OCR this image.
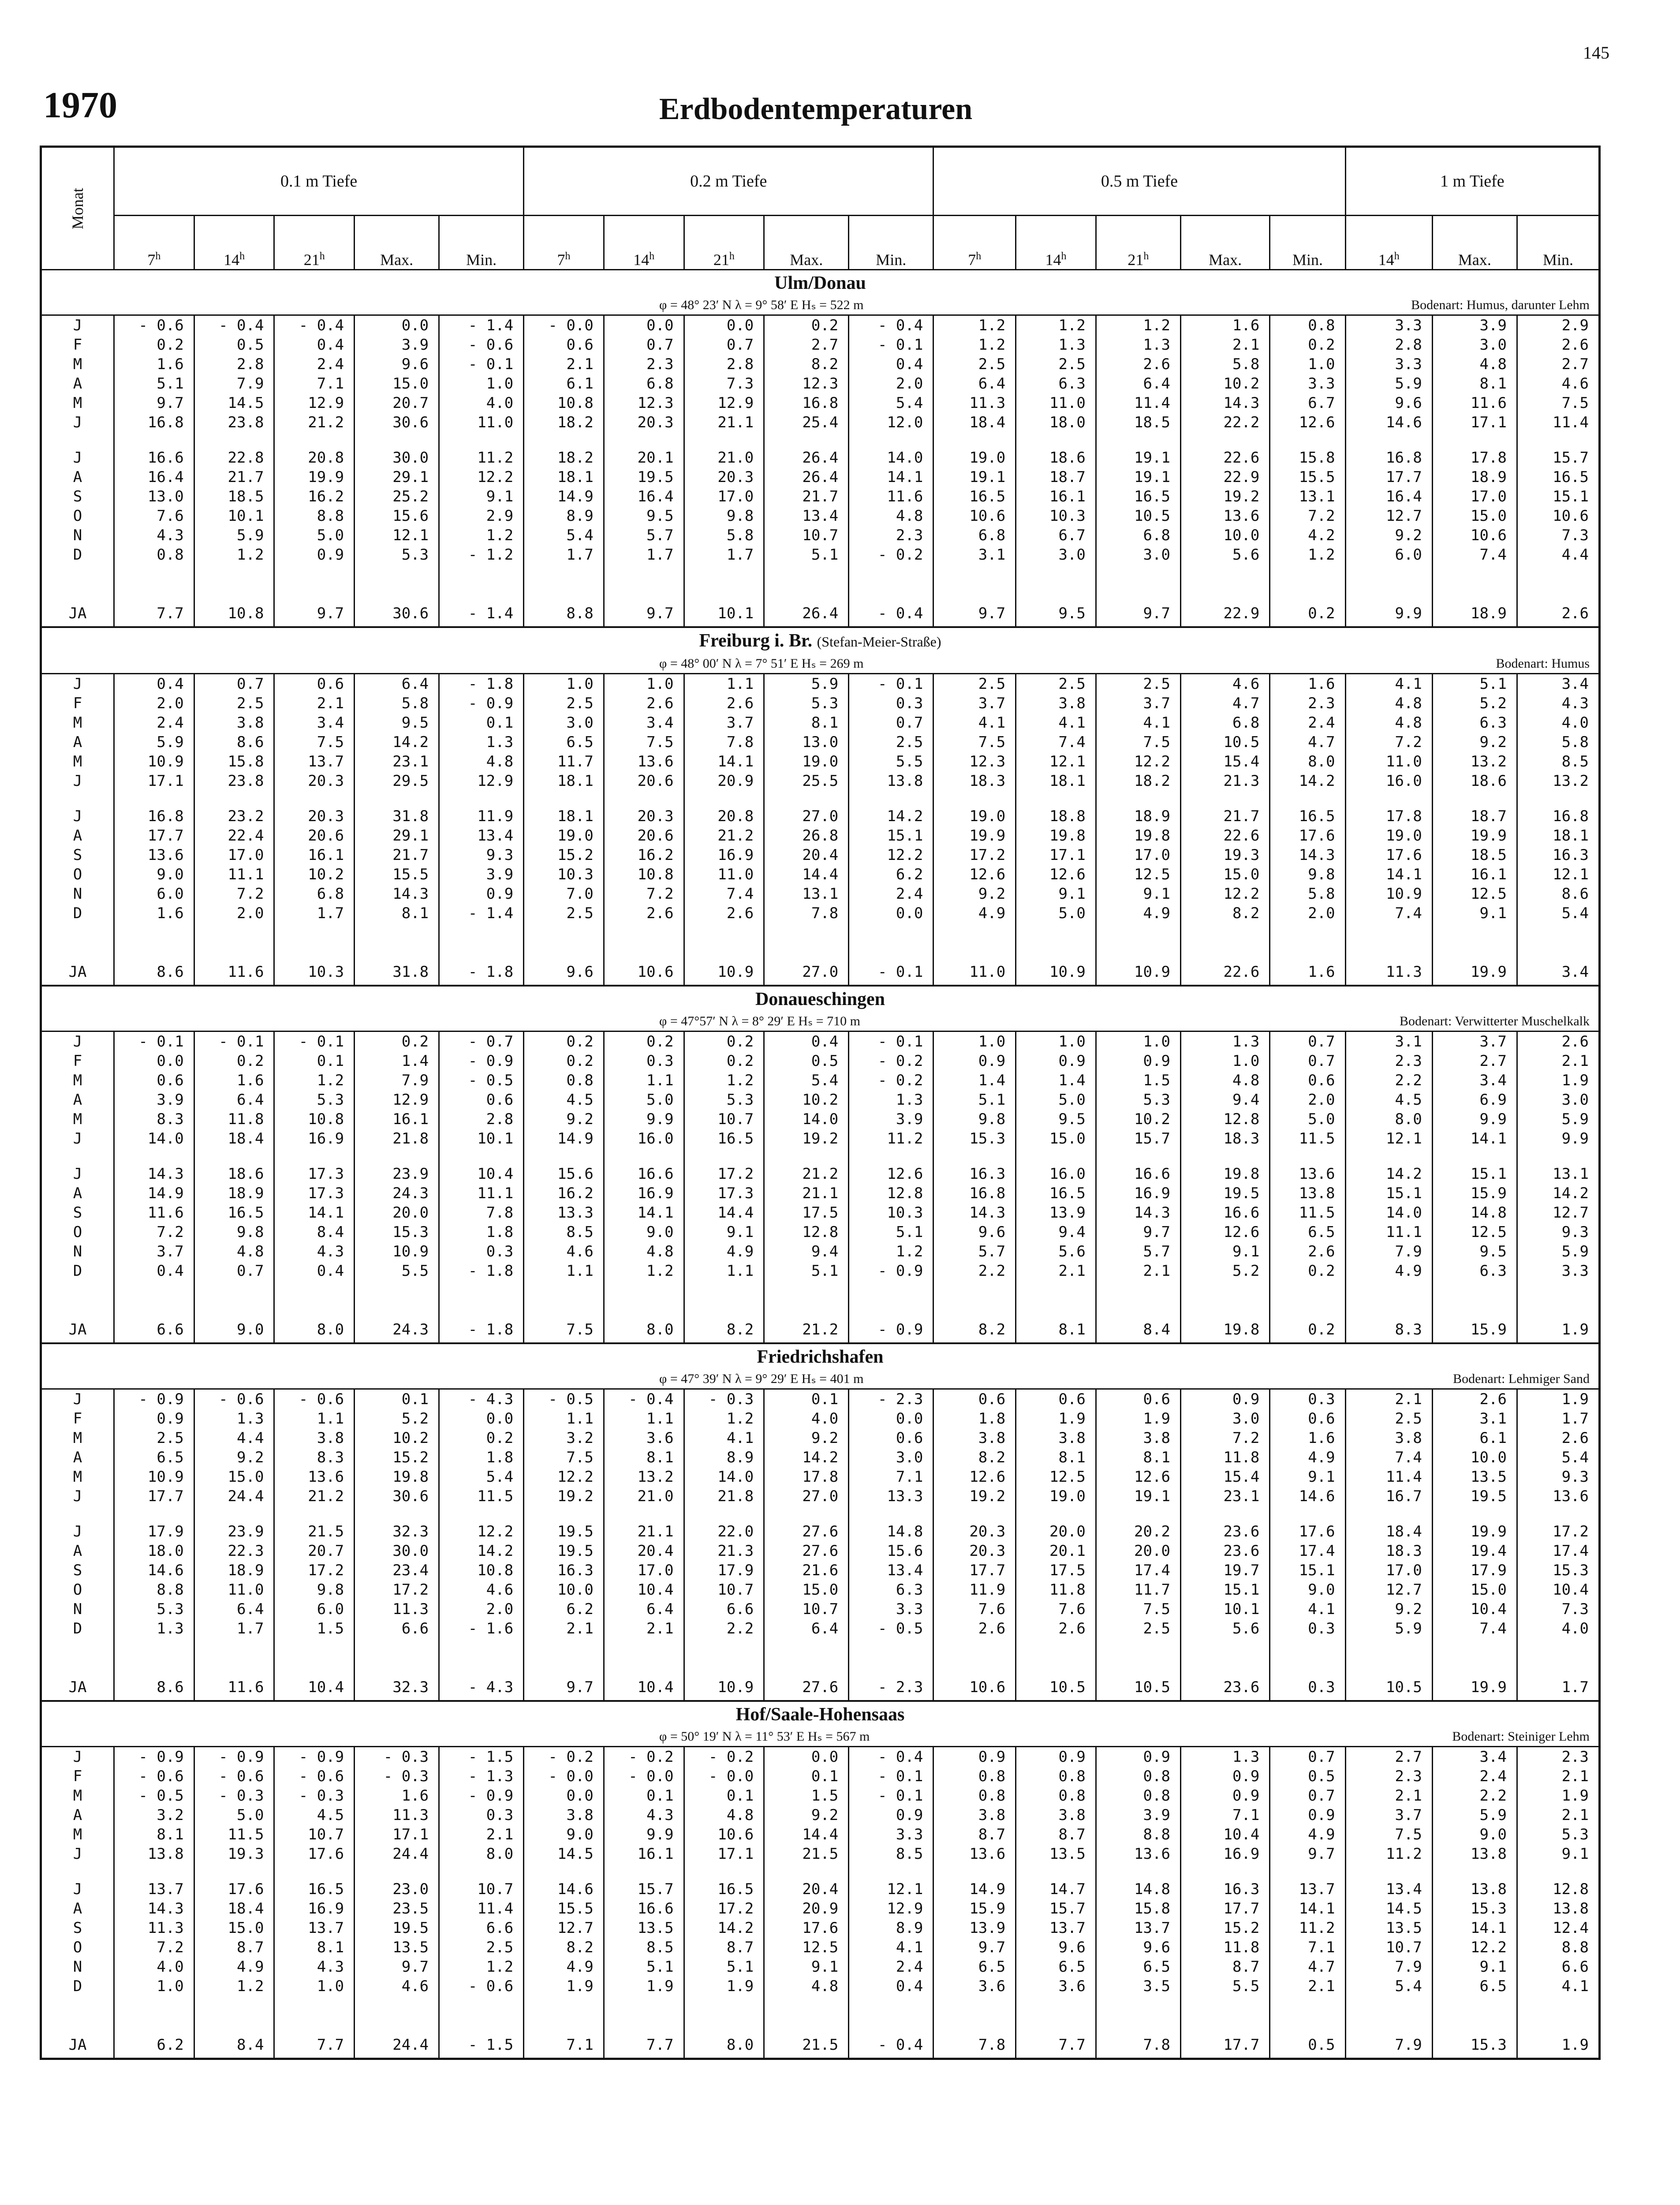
145
1970	Erdbodentemperaturen
Monat	0.1 m Tiefe					0.2 m Tiefe					0.5 m Tiefe					1 m Tiefe		
	7$^h$	14$^h$	21$^h$	Max.	Min.	7$^h$	14$^h$	21$^h$	Max.	Min.	7$^h$	14$^h$	21$^h$	Max.	Min.	14$^h$	Max.	Min.
Ulm/Donau																		

φ = 48° 23′ N λ = 9° 58′ E Hₛ = 522 m Bodenart: Humus, darunter Lehm																		

J	- 0.6	- 0.4	- 0.4	0.0	- 1.4	- 0.0	0.0	0.0	0.2	- 0.4	1.2	1.2	1.2	1.6	0.8	3.3	3.9	2.9
F	0.2	0.5	0.4	3.9	- 0.6	0.6	0.7	0.7	2.7	- 0.1	1.2	1.3	1.3	2.1	0.2	2.8	3.0	2.6
M	1.6	2.8	2.4	9.6	- 0.1	2.1	2.3	2.8	8.2	0.4	2.5	2.5	2.6	5.8	1.0	3.3	4.8	2.7
A	5.1	7.9	7.1	15.0	1.0	6.1	6.8	7.3	12.3	2.0	6.4	6.3	6.4	10.2	3.3	5.9	8.1	4.6
M	9.7	14.5	12.9	20.7	4.0	10.8	12.3	12.9	16.8	5.4	11.3	11.0	11.4	14.3	6.7	9.6	11.6	7.5
J	16.8	23.8	21.2	30.6	11.0	18.2	20.3	21.1	25.4	12.0	18.4	18.0	18.5	22.2	12.6	14.6	17.1	11.4

J	16.6	22.8	20.8	30.0	11.2	18.2	20.1	21.0	26.4	14.0	19.0	18.6	19.1	22.6	15.8	16.8	17.8	15.7
A	16.4	21.7	19.9	29.1	12.2	18.1	19.5	20.3	26.4	14.1	19.1	18.7	19.1	22.9	15.5	17.7	18.9	16.5
S	13.0	18.5	16.2	25.2	9.1	14.9	16.4	17.0	21.7	11.6	16.5	16.1	16.5	19.2	13.1	16.4	17.0	15.1
O	7.6	10.1	8.8	15.6	2.9	8.9	9.5	9.8	13.4	4.8	10.6	10.3	10.5	13.6	7.2	12.7	15.0	10.6
N	4.3	5.9	5.0	12.1	1.2	5.4	5.7	5.8	10.7	2.3	6.8	6.7	6.8	10.0	4.2	9.2	10.6	7.3
D	0.8	1.2	0.9	5.3	- 1.2	1.7	1.7	1.7	5.1	- 0.2	3.1	3.0	3.0	5.6	1.2	6.0	7.4	4.4

JA	7.7	10.8	9.7	30.6	- 1.4	8.8	9.7	10.1	26.4	- 0.4	9.7	9.5	9.7	22.9	0.2	9.9	18.9	2.6
Freiburg i. Br. (Stefan-Meier-Straße)																		

φ = 48° 00′ N λ = 7° 51′ E Hₛ = 269 m Bodenart: Humus																		

J	0.4	0.7	0.6	6.4	- 1.8	1.0	1.0	1.1	5.9	- 0.1	2.5	2.5	2.5	4.6	1.6	4.1	5.1	3.4
F	2.0	2.5	2.1	5.8	- 0.9	2.5	2.6	2.6	5.3	0.3	3.7	3.8	3.7	4.7	2.3	4.8	5.2	4.3
M	2.4	3.8	3.4	9.5	0.1	3.0	3.4	3.7	8.1	0.7	4.1	4.1	4.1	6.8	2.4	4.8	6.3	4.0
A	5.9	8.6	7.5	14.2	1.3	6.5	7.5	7.8	13.0	2.5	7.5	7.4	7.5	10.5	4.7	7.2	9.2	5.8
M	10.9	15.8	13.7	23.1	4.8	11.7	13.6	14.1	19.0	5.5	12.3	12.1	12.2	15.4	8.0	11.0	13.2	8.5
J	17.1	23.8	20.3	29.5	12.9	18.1	20.6	20.9	25.5	13.8	18.3	18.1	18.2	21.3	14.2	16.0	18.6	13.2

J	16.8	23.2	20.3	31.8	11.9	18.1	20.3	20.8	27.0	14.2	19.0	18.8	18.9	21.7	16.5	17.8	18.7	16.8
A	17.7	22.4	20.6	29.1	13.4	19.0	20.6	21.2	26.8	15.1	19.9	19.8	19.8	22.6	17.6	19.0	19.9	18.1
S	13.6	17.0	16.1	21.7	9.3	15.2	16.2	16.9	20.4	12.2	17.2	17.1	17.0	19.3	14.3	17.6	18.5	16.3
O	9.0	11.1	10.2	15.5	3.9	10.3	10.8	11.0	14.4	6.2	12.6	12.6	12.5	15.0	9.8	14.1	16.1	12.1
N	6.0	7.2	6.8	14.3	0.9	7.0	7.2	7.4	13.1	2.4	9.2	9.1	9.1	12.2	5.8	10.9	12.5	8.6
D	1.6	2.0	1.7	8.1	- 1.4	2.5	2.6	2.6	7.8	0.0	4.9	5.0	4.9	8.2	2.0	7.4	9.1	5.4

JA	8.6	11.6	10.3	31.8	- 1.8	9.6	10.6	10.9	27.0	- 0.1	11.0	10.9	10.9	22.6	1.6	11.3	19.9	3.4
Donaueschingen																		

φ = 47°57′ N λ = 8° 29′ E Hₛ = 710 m Bodenart: Verwitterter Muschelkalk																		

J	- 0.1	- 0.1	- 0.1	0.2	- 0.7	0.2	0.2	0.2	0.4	- 0.1	1.0	1.0	1.0	1.3	0.7	3.1	3.7	2.6
F	0.0	0.2	0.1	1.4	- 0.9	0.2	0.3	0.2	0.5	- 0.2	0.9	0.9	0.9	1.0	0.7	2.3	2.7	2.1
M	0.6	1.6	1.2	7.9	- 0.5	0.8	1.1	1.2	5.4	- 0.2	1.4	1.4	1.5	4.8	0.6	2.2	3.4	1.9
A	3.9	6.4	5.3	12.9	0.6	4.5	5.0	5.3	10.2	1.3	5.1	5.0	5.3	9.4	2.0	4.5	6.9	3.0
M	8.3	11.8	10.8	16.1	2.8	9.2	9.9	10.7	14.0	3.9	9.8	9.5	10.2	12.8	5.0	8.0	9.9	5.9
J	14.0	18.4	16.9	21.8	10.1	14.9	16.0	16.5	19.2	11.2	15.3	15.0	15.7	18.3	11.5	12.1	14.1	9.9

J	14.3	18.6	17.3	23.9	10.4	15.6	16.6	17.2	21.2	12.6	16.3	16.0	16.6	19.8	13.6	14.2	15.1	13.1
A	14.9	18.9	17.3	24.3	11.1	16.2	16.9	17.3	21.1	12.8	16.8	16.5	16.9	19.5	13.8	15.1	15.9	14.2
S	11.6	16.5	14.1	20.0	7.8	13.3	14.1	14.4	17.5	10.3	14.3	13.9	14.3	16.6	11.5	14.0	14.8	12.7
O	7.2	9.8	8.4	15.3	1.8	8.5	9.0	9.1	12.8	5.1	9.6	9.4	9.7	12.6	6.5	11.1	12.5	9.3
N	3.7	4.8	4.3	10.9	0.3	4.6	4.8	4.9	9.4	1.2	5.7	5.6	5.7	9.1	2.6	7.9	9.5	5.9
D	0.4	0.7	0.4	5.5	- 1.8	1.1	1.2	1.1	5.1	- 0.9	2.2	2.1	2.1	5.2	0.2	4.9	6.3	3.3

JA	6.6	9.0	8.0	24.3	- 1.8	7.5	8.0	8.2	21.2	- 0.9	8.2	8.1	8.4	19.8	0.2	8.3	15.9	1.9
Friedrichshafen																		

φ = 47° 39′ N λ = 9° 29′ E Hₛ = 401 m Bodenart: Lehmiger Sand																		

J	- 0.9	- 0.6	- 0.6	0.1	- 4.3	- 0.5	- 0.4	- 0.3	0.1	- 2.3	0.6	0.6	0.6	0.9	0.3	2.1	2.6	1.9
F	0.9	1.3	1.1	5.2	0.0	1.1	1.1	1.2	4.0	0.0	1.8	1.9	1.9	3.0	0.6	2.5	3.1	1.7
M	2.5	4.4	3.8	10.2	0.2	3.2	3.6	4.1	9.2	0.6	3.8	3.8	3.8	7.2	1.6	3.8	6.1	2.6
A	6.5	9.2	8.3	15.2	1.8	7.5	8.1	8.9	14.2	3.0	8.2	8.1	8.1	11.8	4.9	7.4	10.0	5.4
M	10.9	15.0	13.6	19.8	5.4	12.2	13.2	14.0	17.8	7.1	12.6	12.5	12.6	15.4	9.1	11.4	13.5	9.3
J	17.7	24.4	21.2	30.6	11.5	19.2	21.0	21.8	27.0	13.3	19.2	19.0	19.1	23.1	14.6	16.7	19.5	13.6

J	17.9	23.9	21.5	32.3	12.2	19.5	21.1	22.0	27.6	14.8	20.3	20.0	20.2	23.6	17.6	18.4	19.9	17.2
A	18.0	22.3	20.7	30.0	14.2	19.5	20.4	21.3	27.6	15.6	20.3	20.1	20.0	23.6	17.4	18.3	19.4	17.4
S	14.6	18.9	17.2	23.4	10.8	16.3	17.0	17.9	21.6	13.4	17.7	17.5	17.4	19.7	15.1	17.0	17.9	15.3
O	8.8	11.0	9.8	17.2	4.6	10.0	10.4	10.7	15.0	6.3	11.9	11.8	11.7	15.1	9.0	12.7	15.0	10.4
N	5.3	6.4	6.0	11.3	2.0	6.2	6.4	6.6	10.7	3.3	7.6	7.6	7.5	10.1	4.1	9.2	10.4	7.3
D	1.3	1.7	1.5	6.6	- 1.6	2.1	2.1	2.2	6.4	- 0.5	2.6	2.6	2.5	5.6	0.3	5.9	7.4	4.0

JA	8.6	11.6	10.4	32.3	- 4.3	9.7	10.4	10.9	27.6	- 2.3	10.6	10.5	10.5	23.6	0.3	10.5	19.9	1.7
Hof/Saale-Hohensaas																		

φ = 50° 19′ N λ = 11° 53′ E Hₛ = 567 m Bodenart: Steiniger Lehm																		

J	- 0.9	- 0.9	- 0.9	- 0.3	- 1.5	- 0.2	- 0.2	- 0.2	0.0	- 0.4	0.9	0.9	0.9	1.3	0.7	2.7	3.4	2.3
F	- 0.6	- 0.6	- 0.6	- 0.3	- 1.3	- 0.0	- 0.0	- 0.0	0.1	- 0.1	0.8	0.8	0.8	0.9	0.5	2.3	2.4	2.1
M	- 0.5	- 0.3	- 0.3	1.6	- 0.9	0.0	0.1	0.1	1.5	- 0.1	0.8	0.8	0.8	0.9	0.7	2.1	2.2	1.9
A	3.2	5.0	4.5	11.3	0.3	3.8	4.3	4.8	9.2	0.9	3.8	3.8	3.9	7.1	0.9	3.7	5.9	2.1
M	8.1	11.5	10.7	17.1	2.1	9.0	9.9	10.6	14.4	3.3	8.7	8.7	8.8	10.4	4.9	7.5	9.0	5.3
J	13.8	19.3	17.6	24.4	8.0	14.5	16.1	17.1	21.5	8.5	13.6	13.5	13.6	16.9	9.7	11.2	13.8	9.1

J	13.7	17.6	16.5	23.0	10.7	14.6	15.7	16.5	20.4	12.1	14.9	14.7	14.8	16.3	13.7	13.4	13.8	12.8
A	14.3	18.4	16.9	23.5	11.4	15.5	16.6	17.2	20.9	12.9	15.9	15.7	15.8	17.7	14.1	14.5	15.3	13.8
S	11.3	15.0	13.7	19.5	6.6	12.7	13.5	14.2	17.6	8.9	13.9	13.7	13.7	15.2	11.2	13.5	14.1	12.4
O	7.2	8.7	8.1	13.5	2.5	8.2	8.5	8.7	12.5	4.1	9.7	9.6	9.6	11.8	7.1	10.7	12.2	8.8
N	4.0	4.9	4.3	9.7	1.2	4.9	5.1	5.1	9.1	2.4	6.5	6.5	6.5	8.7	4.7	7.9	9.1	6.6
D	1.0	1.2	1.0	4.6	- 0.6	1.9	1.9	1.9	4.8	0.4	3.6	3.6	3.5	5.5	2.1	5.4	6.5	4.1

JA	6.2	8.4	7.7	24.4	- 1.5	7.1	7.7	8.0	21.5	- 0.4	7.8	7.7	7.8	17.7	0.5	7.9	15.3	1.9
